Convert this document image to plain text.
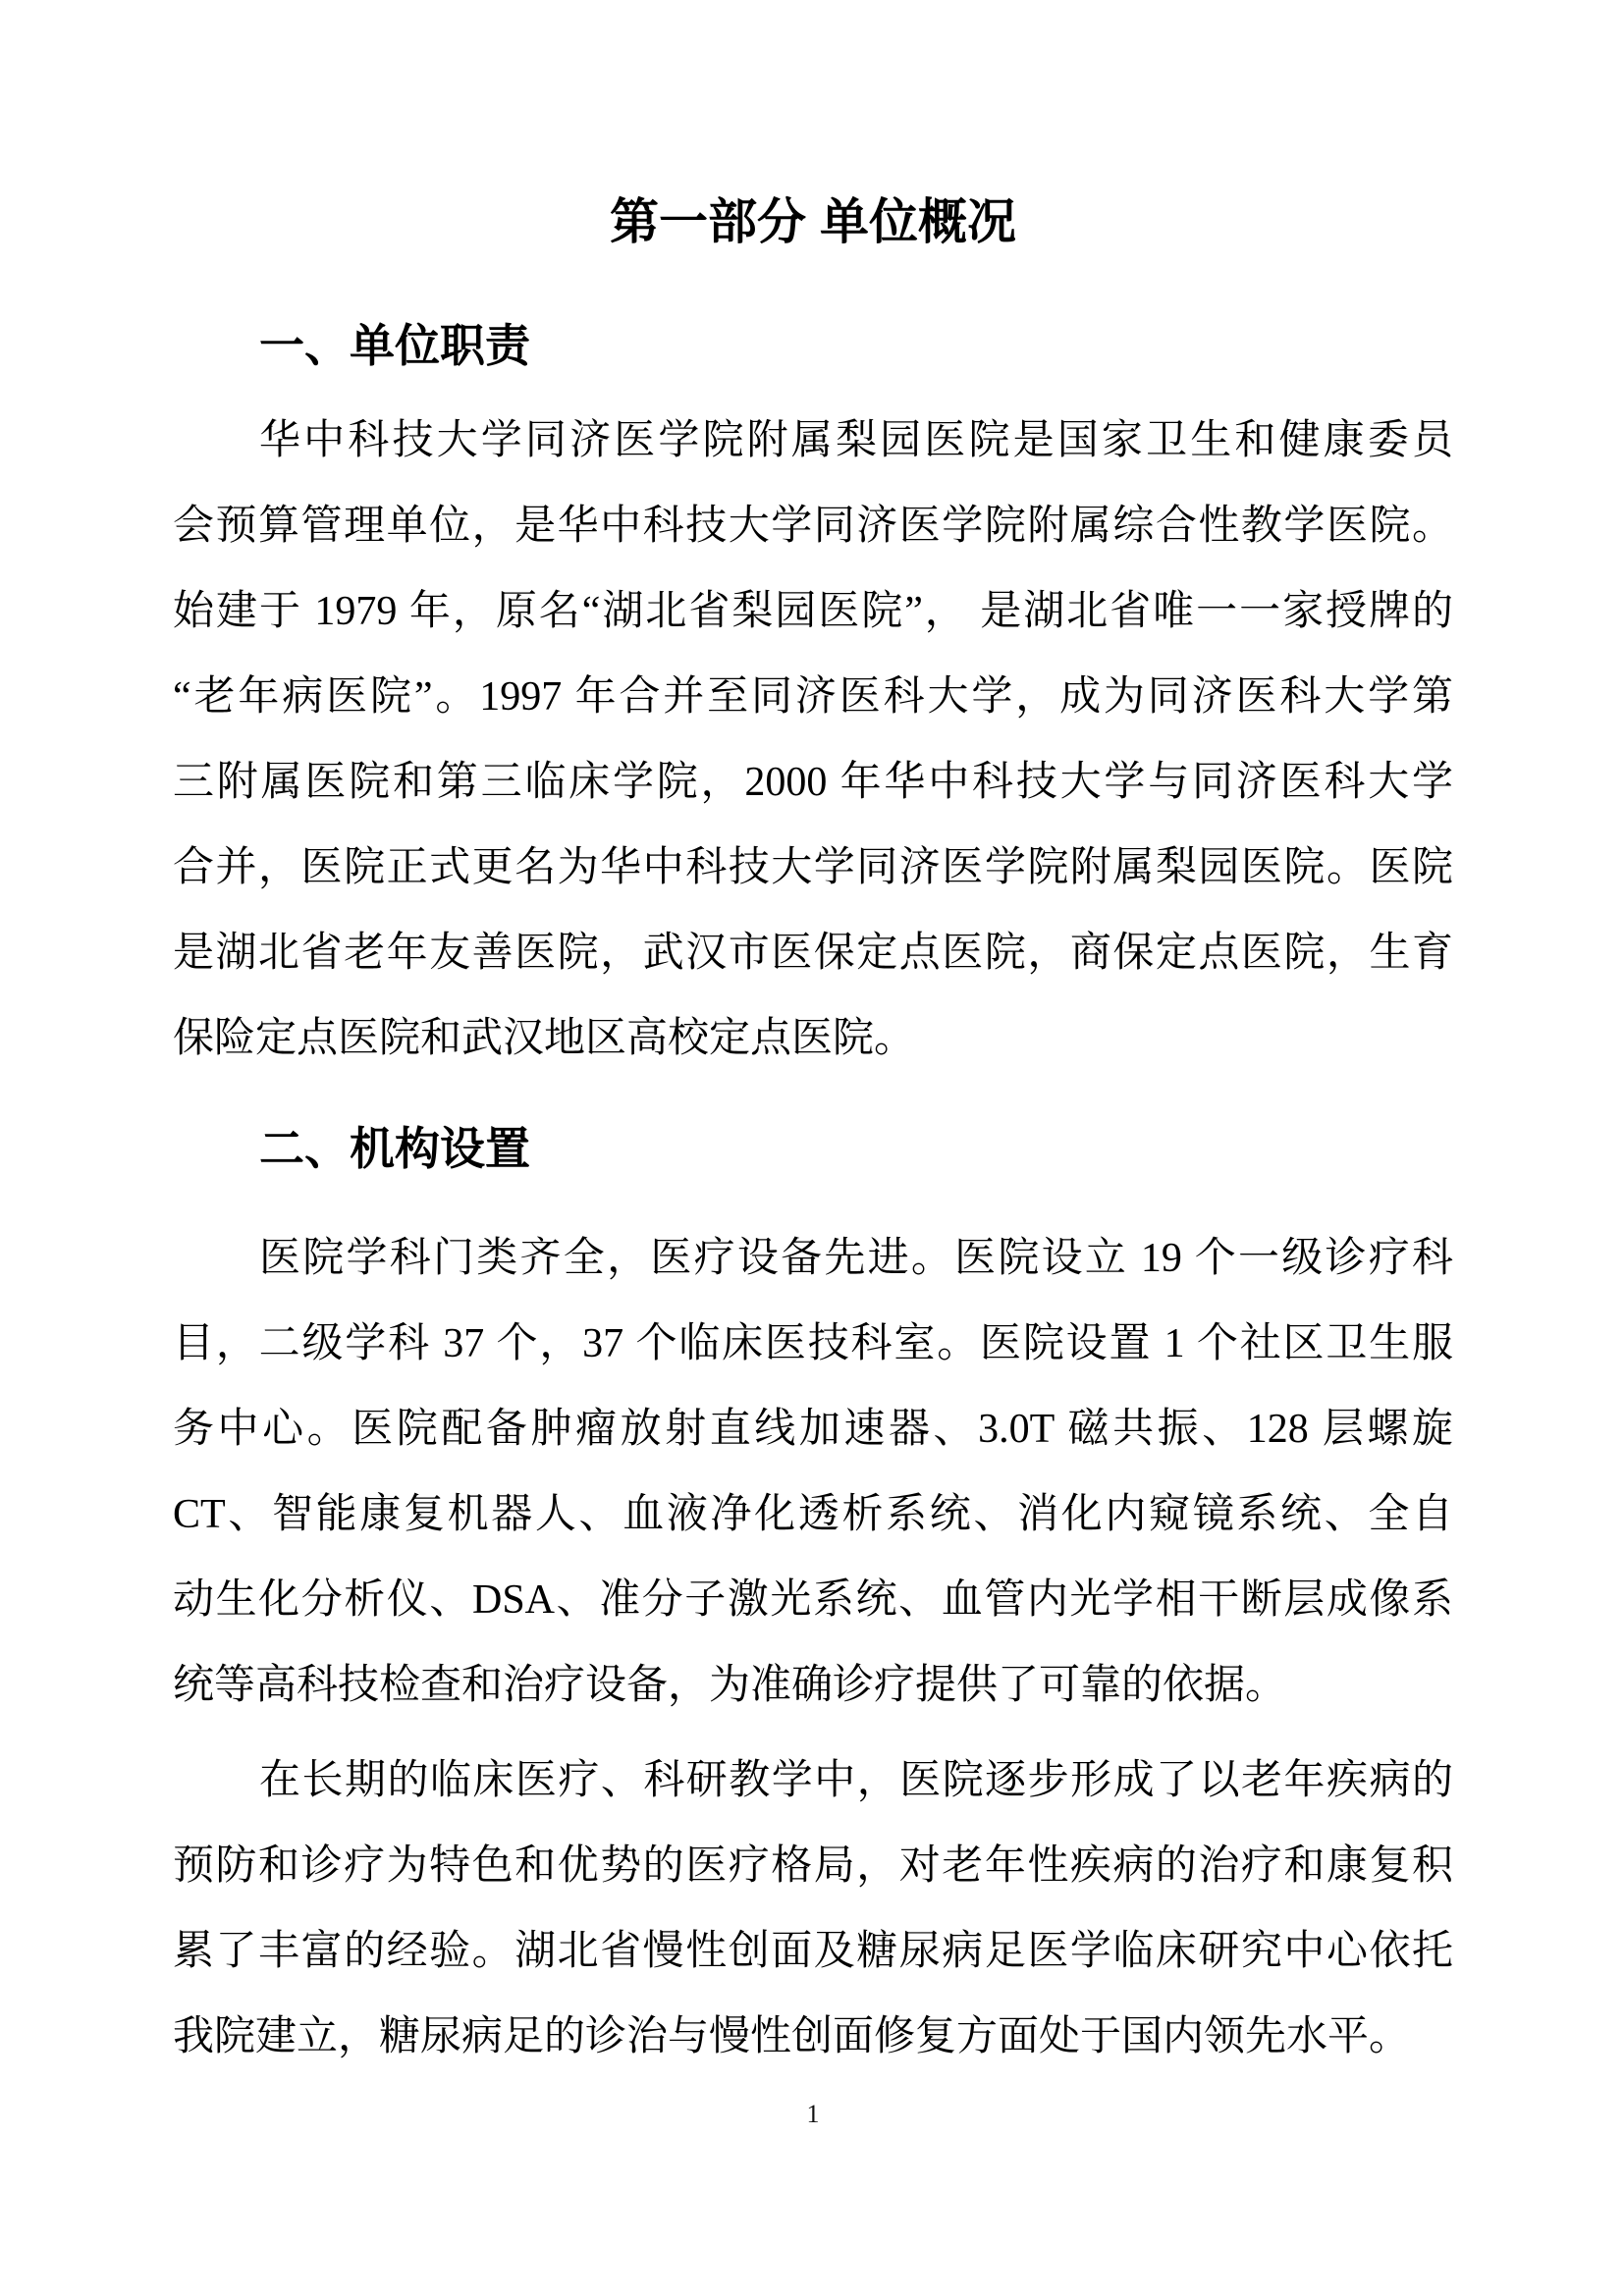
第一部分 单位概况
一、单位职责
华中科技大学同济医学院附属梨园医院是国家卫生和健康委员
会预算管理单位，是华中科技大学同济医学院附属综合性教学医院。
始建于 1979 年，原名“湖北省梨园医院”， 是湖北省唯一一家授牌的
“老年病医院”。1997 年合并至同济医科大学，成为同济医科大学第
三附属医院和第三临床学院，2000 年华中科技大学与同济医科大学
合并，医院正式更名为华中科技大学同济医学院附属梨园医院。医院
是湖北省老年友善医院，武汉市医保定点医院，商保定点医院，生育
保险定点医院和武汉地区高校定点医院。
二、机构设置
医院学科门类齐全，医疗设备先进。医院设立 19 个一级诊疗科
目，二级学科 37 个，37 个临床医技科室。医院设置 1 个社区卫生服
务中心。医院配备肿瘤放射直线加速器、3.0T 磁共振、128 层螺旋
CT、智能康复机器人、血液净化透析系统、消化内窥镜系统、全自
动生化分析仪、DSA、准分子激光系统、血管内光学相干断层成像系
统等高科技检查和治疗设备，为准确诊疗提供了可靠的依据。
在长期的临床医疗、科研教学中，医院逐步形成了以老年疾病的
预防和诊疗为特色和优势的医疗格局，对老年性疾病的治疗和康复积
累了丰富的经验。湖北省慢性创面及糖尿病足医学临床研究中心依托
我院建立，糖尿病足的诊治与慢性创面修复方面处于国内领先水平。
1
